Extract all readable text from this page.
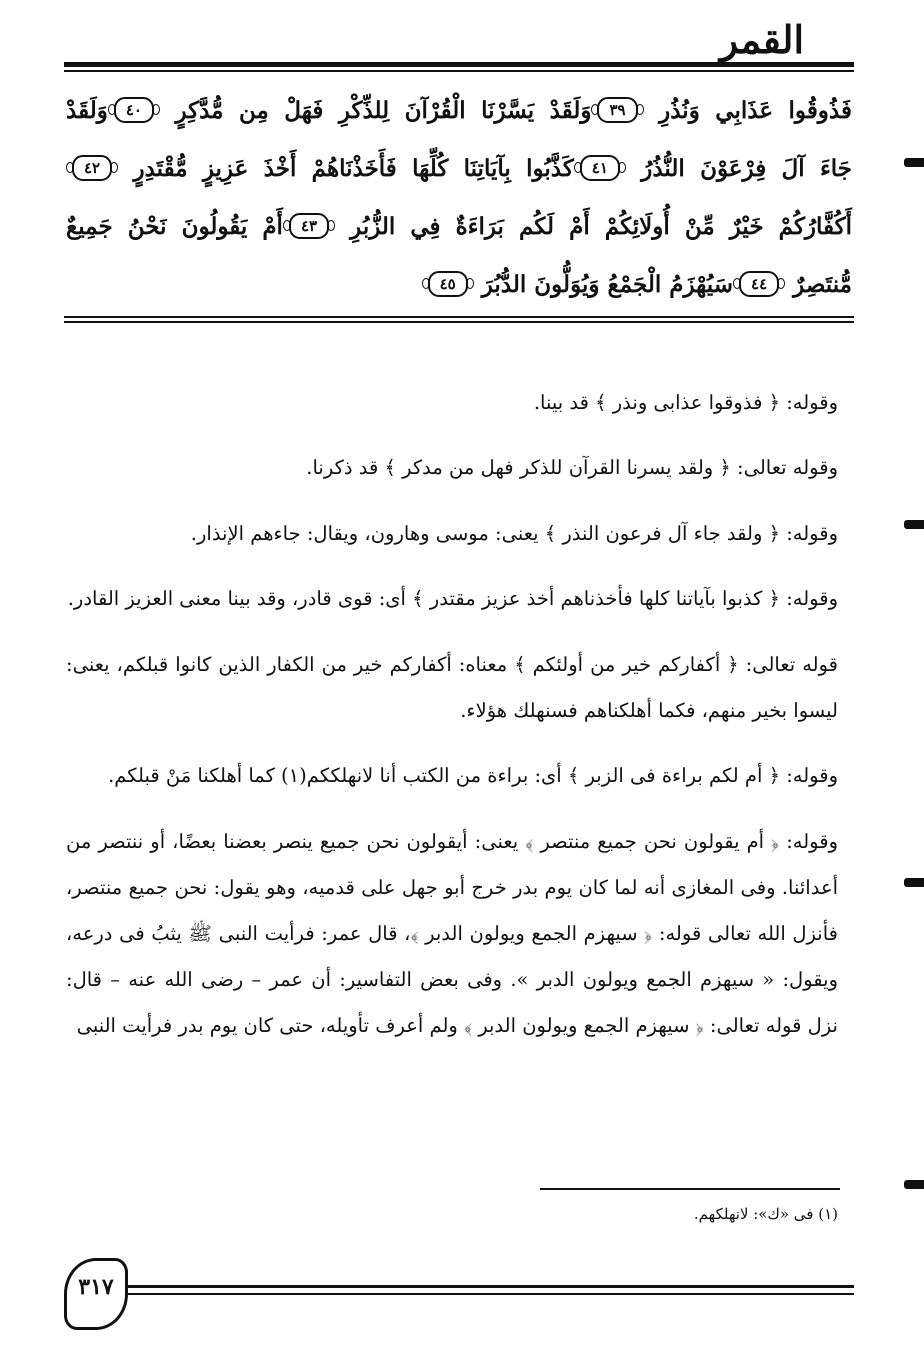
القمر
فَذُوقُوا عَذَابِي وَنُذُرِ ٣٩وَلَقَدْ يَسَّرْنَا الْقُرْآنَ لِلذِّكْرِ فَهَلْ مِن مُّدَّكِرٍ ٤٠وَلَقَدْ
جَاءَ آلَ فِرْعَوْنَ النُّذُرُ ٤١كَذَّبُوا بِآيَاتِنَا كُلِّهَا فَأَخَذْنَاهُمْ أَخْذَ عَزِيزٍ مُّقْتَدِرٍ ٤٢
أَكُفَّارُكُمْ خَيْرٌ مِّنْ أُولَائِكُمْ أَمْ لَكُم بَرَاءَةٌ فِي الزُّبُرِ ٤٣أَمْ يَقُولُونَ نَحْنُ جَمِيعٌ
مُّنتَصِرٌ ٤٤سَيُهْزَمُ الْجَمْعُ وَيُوَلُّونَ الدُّبُرَ ٤٥

وقوله: ﴿ فذوقوا عذابى ونذر ﴾ قد بينا.

وقوله تعالى: ﴿ ولقد يسرنا القرآن للذكر فهل من مدكر ﴾ قد ذكرنا.

وقوله: ﴿ ولقد جاء آل فرعون النذر ﴾ يعنى: موسى وهارون، ويقال: جاءهم الإنذار.

وقوله: ﴿ كذبوا بآياتنا كلها فأخذناهم أخذ عزيز مقتدر ﴾ أى: قوى قادر، وقد بينا معنى العزيز القادر.

قوله تعالى: ﴿ أكفاركم خير من أولئكم ﴾ معناه: أكفاركم خير من الكفار الذين كانوا قبلكم، يعنى: ليسوا بخير منهم، فكما أهلكناهم فسنهلك هؤلاء.

وقوله: ﴿ أم لكم براءة فى الزبر ﴾ أى: براءة من الكتب أنا لانهلككم(١) كما أهلكنا مَنْ قبلكم.

وقوله: ﴿ أم يقولون نحن جميع منتصر ﴾ يعنى: أيقولون نحن جميع ينصر بعضنا بعضًا، أو ننتصر من أعدائنا. وفى المغازى أنه لما كان يوم بدر خرج أبو جهل على قدميه، وهو يقول: نحن جميع منتصر، فأنزل الله تعالى قوله: ﴿ سيهزم الجمع ويولون الدبر ﴾، قال عمر: فرأيت النبى ﷺ يثبُ فى درعه، ويقول: « سيهزم الجمع ويولون الدبر ». وفى بعض التفاسير: أن عمر – رضى الله عنه – قال: نزل قوله تعالى: ﴿ سيهزم الجمع ويولون الدبر ﴾ ولم أعرف تأويله، حتى كان يوم بدر فرأيت النبى

(١) فى «ك»: لانهلكهم.
٣١٧
